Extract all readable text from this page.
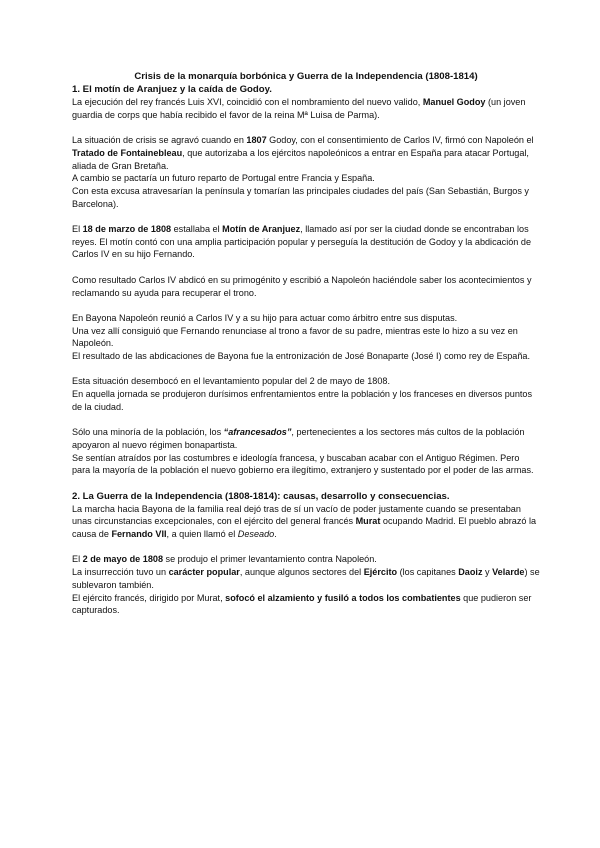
Crisis de la monarquía borbónica y Guerra de la Independencia (1808-1814)

1. El motín de Aranjuez y la caída de Godoy.

La ejecución del rey francés Luis XVI, coincidió con el nombramiento del nuevo valido, Manuel Godoy (un joven guardia de corps que había recibido el favor de la reina Mª Luisa de Parma).

La situación de crisis se agravó cuando en 1807 Godoy, con el consentimiento de Carlos IV, firmó con Napoleón el Tratado de Fontainebleau, que autorizaba a los ejércitos napoleónicos a entrar en España para atacar Portugal, aliada de Gran Bretaña.

A cambio se pactaría un futuro reparto de Portugal entre Francia y España.

Con esta excusa atravesarían la península y tomarían las principales ciudades del país (San Sebastián, Burgos y Barcelona).

El 18 de marzo de 1808 estallaba el Motín de Aranjuez, llamado así por ser la ciudad donde se encontraban los reyes. El motín contó con una amplia participación popular y perseguía la destitución de Godoy y la abdicación de Carlos IV en su hijo Fernando.

Como resultado Carlos IV abdicó en su primogénito y escribió a Napoleón haciéndole saber los acontecimientos y reclamando su ayuda para recuperar el trono.

En Bayona Napoleón reunió a Carlos IV y a su hijo para actuar como árbitro entre sus disputas.

Una vez allí consiguió que Fernando renunciase al trono a favor de su padre, mientras este lo hizo a su vez en Napoleón.

El resultado de las abdicaciones de Bayona fue la entronización de José Bonaparte (José I) como rey de España.

Esta situación desembocó en el levantamiento popular del 2 de mayo de 1808.

En aquella jornada se produjeron durísimos enfrentamientos entre la población y los franceses en diversos puntos de la ciudad.

Sólo una minoría de la población, los “afrancesados”, pertenecientes a los sectores más cultos de la población apoyaron al nuevo régimen bonapartista.

Se sentían atraídos por las costumbres e ideología francesa, y buscaban acabar con el Antiguo Régimen. Pero para la mayoría de la población el nuevo gobierno era ilegítimo, extranjero y sustentado por el poder de las armas.

2. La Guerra de la Independencia (1808-1814): causas, desarrollo y consecuencias.

La marcha hacia Bayona de la familia real dejó tras de sí un vacío de poder justamente cuando se presentaban unas circunstancias excepcionales, con el ejército del general francés Murat ocupando Madrid. El pueblo abrazó la causa de Fernando VII, a quien llamó el Deseado.

El 2 de mayo de 1808 se produjo el primer levantamiento contra Napoleón.

La insurrección tuvo un carácter popular, aunque algunos sectores del Ejército (los capitanes Daoiz y Velarde) se sublevaron también.

El ejército francés, dirigido por Murat, sofocó el alzamiento y fusiló a todos los combatientes que pudieron ser capturados.
